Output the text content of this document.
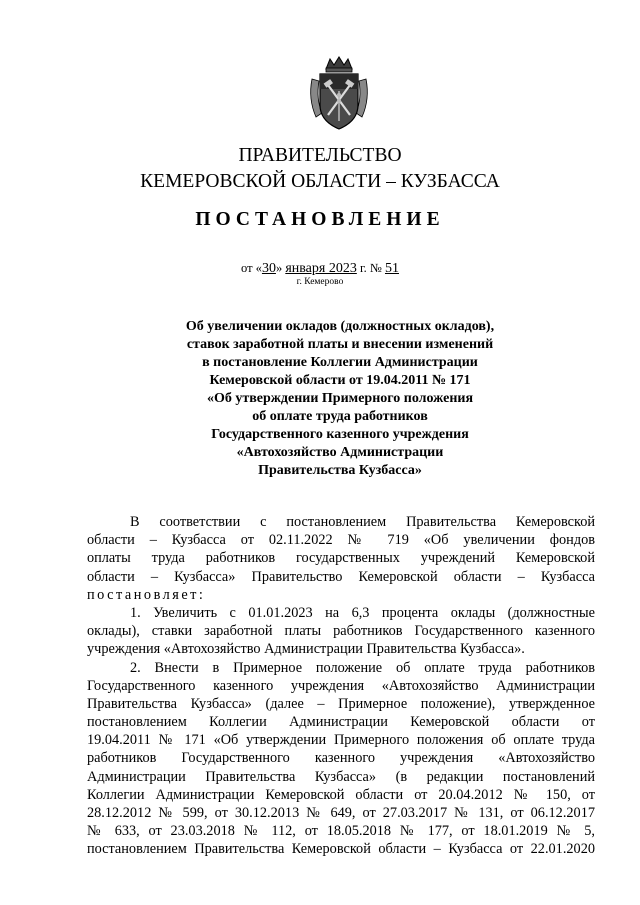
ПРАВИТЕЛЬСТВО
КЕМЕРОВСКОЙ ОБЛАСТИ – КУЗБАССА
ПОСТАНОВЛЕНИЕ
от «30» января 2023 г. № 51
г. Кемерово
Об увеличении окладов (должностных окладов),
ставок заработной платы и внесении изменений
в постановление Коллегии Администрации
Кемеровской области от 19.04.2011 № 171
«Об утверждении Примерного положения
об оплате труда работников
Государственного казенного учреждения
«Автохозяйство Администрации
Правительства Кузбасса»
В соответствии с постановлением Правительства Кемеровской
области – Кузбасса от 02.11.2022 № 719 «Об увеличении фондов
оплаты труда работников государственных учреждений Кемеровской
области – Кузбасса» Правительство Кемеровской области – Кузбасса
постановляет:
1. Увеличить с 01.01.2023 на 6,3 процента оклады (должностные
оклады), ставки заработной платы работников Государственного казенного
учреждения «Автохозяйство Администрации Правительства Кузбасса».
2. Внести в Примерное положение об оплате труда работников
Государственного казенного учреждения «Автохозяйство Администрации
Правительства Кузбасса» (далее – Примерное положение), утвержденное
постановлением Коллегии Администрации Кемеровской области от
19.04.2011 № 171 «Об утверждении Примерного положения об оплате труда
работников Государственного казенного учреждения «Автохозяйство
Администрации Правительства Кузбасса» (в редакции постановлений
Коллегии Администрации Кемеровской области от 20.04.2012 № 150, от
28.12.2012 № 599, от 30.12.2013 № 649, от 27.03.2017 № 131, от 06.12.2017
№ 633, от 23.03.2018 № 112, от 18.05.2018 № 177, от 18.01.2019 № 5,
постановлением Правительства Кемеровской области – Кузбасса от 22.01.2020
